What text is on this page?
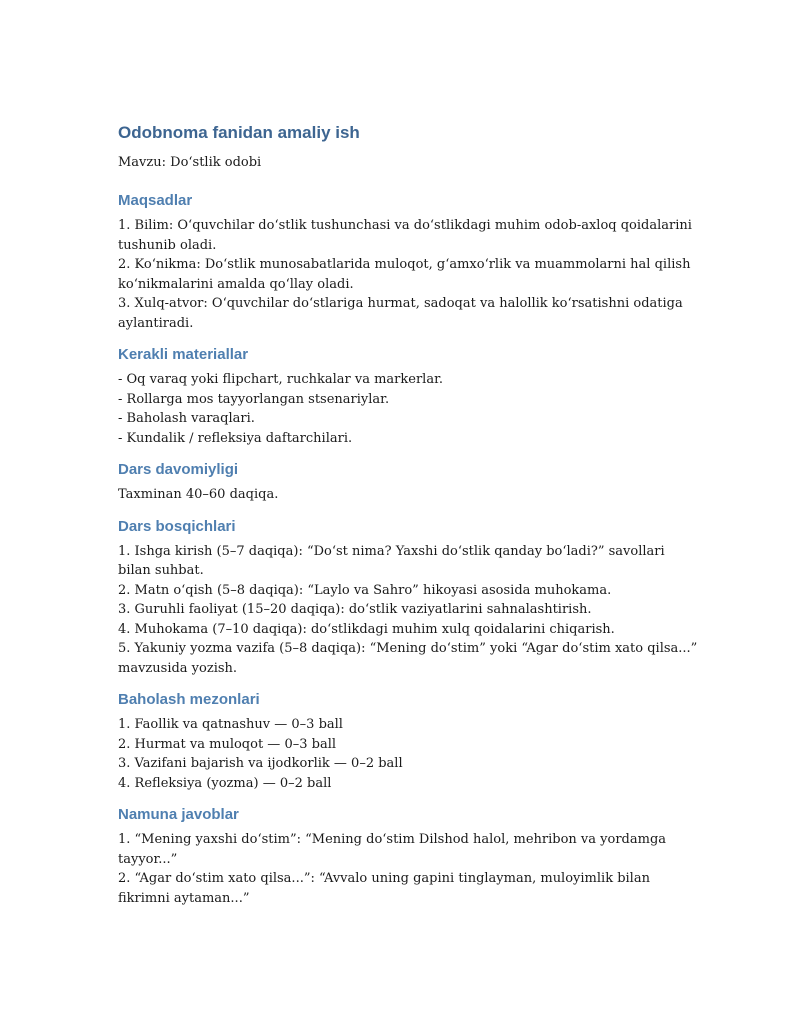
Odobnoma fanidan amaliy ish
Mavzu: Do‘stlik odobi
Maqsadlar

1. Bilim: O‘quvchilar do‘stlik tushunchasi va do‘stlikdagi muhim odob-axloq qoidalarini tushunib oladi.

2. Ko‘nikma: Do‘stlik munosabatlarida muloqot, g‘amxo‘rlik va muammolarni hal qilish ko‘nikmalarini amalda qo‘llay oladi.

3. Xulq-atvor: O‘quvchilar do‘stlariga hurmat, sadoqat va halollik ko‘rsatishni odatiga aylantiradi.

Kerakli materiallar

- Oq varaq yoki flipchart, ruchkalar va markerlar.

- Rollarga mos tayyorlangan stsenariylar.

- Baholash varaqlari.

- Kundalik / refleksiya daftarchilari.

Dars davomiyligi

Taxminan 40–60 daqiqa.

Dars bosqichlari

1. Ishga kirish (5–7 daqiqa): “Do‘st nima? Yaxshi do‘stlik qanday bo‘ladi?” savollari bilan suhbat.

2. Matn o‘qish (5–8 daqiqa): “Laylo va Sahro” hikoyasi asosida muhokama.

3. Guruhli faoliyat (15–20 daqiqa): do‘stlik vaziyatlarini sahnalashtirish.

4. Muhokama (7–10 daqiqa): do‘stlikdagi muhim xulq qoidalarini chiqarish.

5. Yakuniy yozma vazifa (5–8 daqiqa): “Mening do‘stim” yoki “Agar do‘stim xato qilsa...” mavzusida yozish.

Baholash mezonlari

1. Faollik va qatnashuv — 0–3 ball

2. Hurmat va muloqot — 0–3 ball

3. Vazifani bajarish va ijodkorlik — 0–2 ball

4. Refleksiya (yozma) — 0–2 ball

Namuna javoblar

1. “Mening yaxshi do‘stim”: “Mening do‘stim Dilshod halol, mehribon va yordamga tayyor...”

2. “Agar do‘stim xato qilsa...”: “Avvalo uning gapini tinglayman, muloyimlik bilan fikrimni aytaman...”
